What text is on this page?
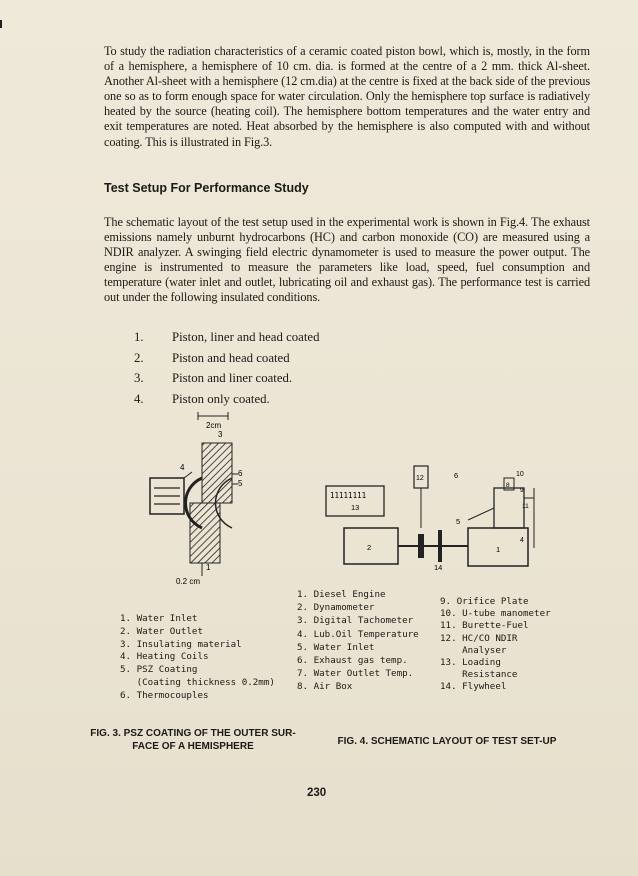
To study the radiation characteristics of a ceramic coated piston bowl, which is, mostly, in the form of a hemisphere, a hemisphere of 10 cm. dia. is formed at the centre of a 2 mm. thick Al-sheet. Another Al-sheet with a hemisphere (12 cm.dia) at the centre is fixed at the back side of the previous one so as to form enough space for water circulation. Only the hemisphere top surface is radiatively heated by the source (heating coil). The hemisphere bottom temperatures and the water entry and exit temperatures are noted. Heat absorbed by the hemisphere is also computed with and without coating. This is illustrated in Fig.3.

Test Setup For Performance Study

The schematic layout of the test setup used in the experimental work is shown in Fig.4. The exhaust emissions namely unburnt hydrocarbons (HC) and carbon monoxide (CO) are measured using a NDIR analyzer. A swinging field electric dynamometer is used to measure the power output. The engine is instrumented to measure the parameters like load, speed, fuel consumption and temperature (water inlet and outlet, lubricating oil and exhaust gas). The performance test is carried out under the following insulated conditions.

1.	Piston, liner and head coated
2.	Piston and head coated
3.	Piston and liner coated.
4.	Piston only coated.
2cm
3
4
6
5
1
0.2 cm
11111111
13
2
14
1
5
12	6	10
8
9
11
4
1. Water Inlet
2. Water Outlet
3. Insulating material
4. Heating Coils
5. PSZ Coating
(Coating thickness 0.2mm)
6. Thermocouples
1. Diesel Engine
2. Dynamometer
3. Digital Tachometer
4. Lub.Oil Temperature
5. Water Inlet
6. Exhaust gas temp.
7. Water Outlet Temp.
8. Air Box
9. Orifice Plate
10. U-tube manometer
11. Burette-Fuel
12. HC/CO NDIR
Analyser
13. Loading
Resistance
14. Flywheel
FIG. 3. PSZ COATING OF THE OUTER SUR-
FACE OF A HEMISPHERE	FIG. 4. SCHEMATIC LAYOUT OF TEST SET-UP
230
